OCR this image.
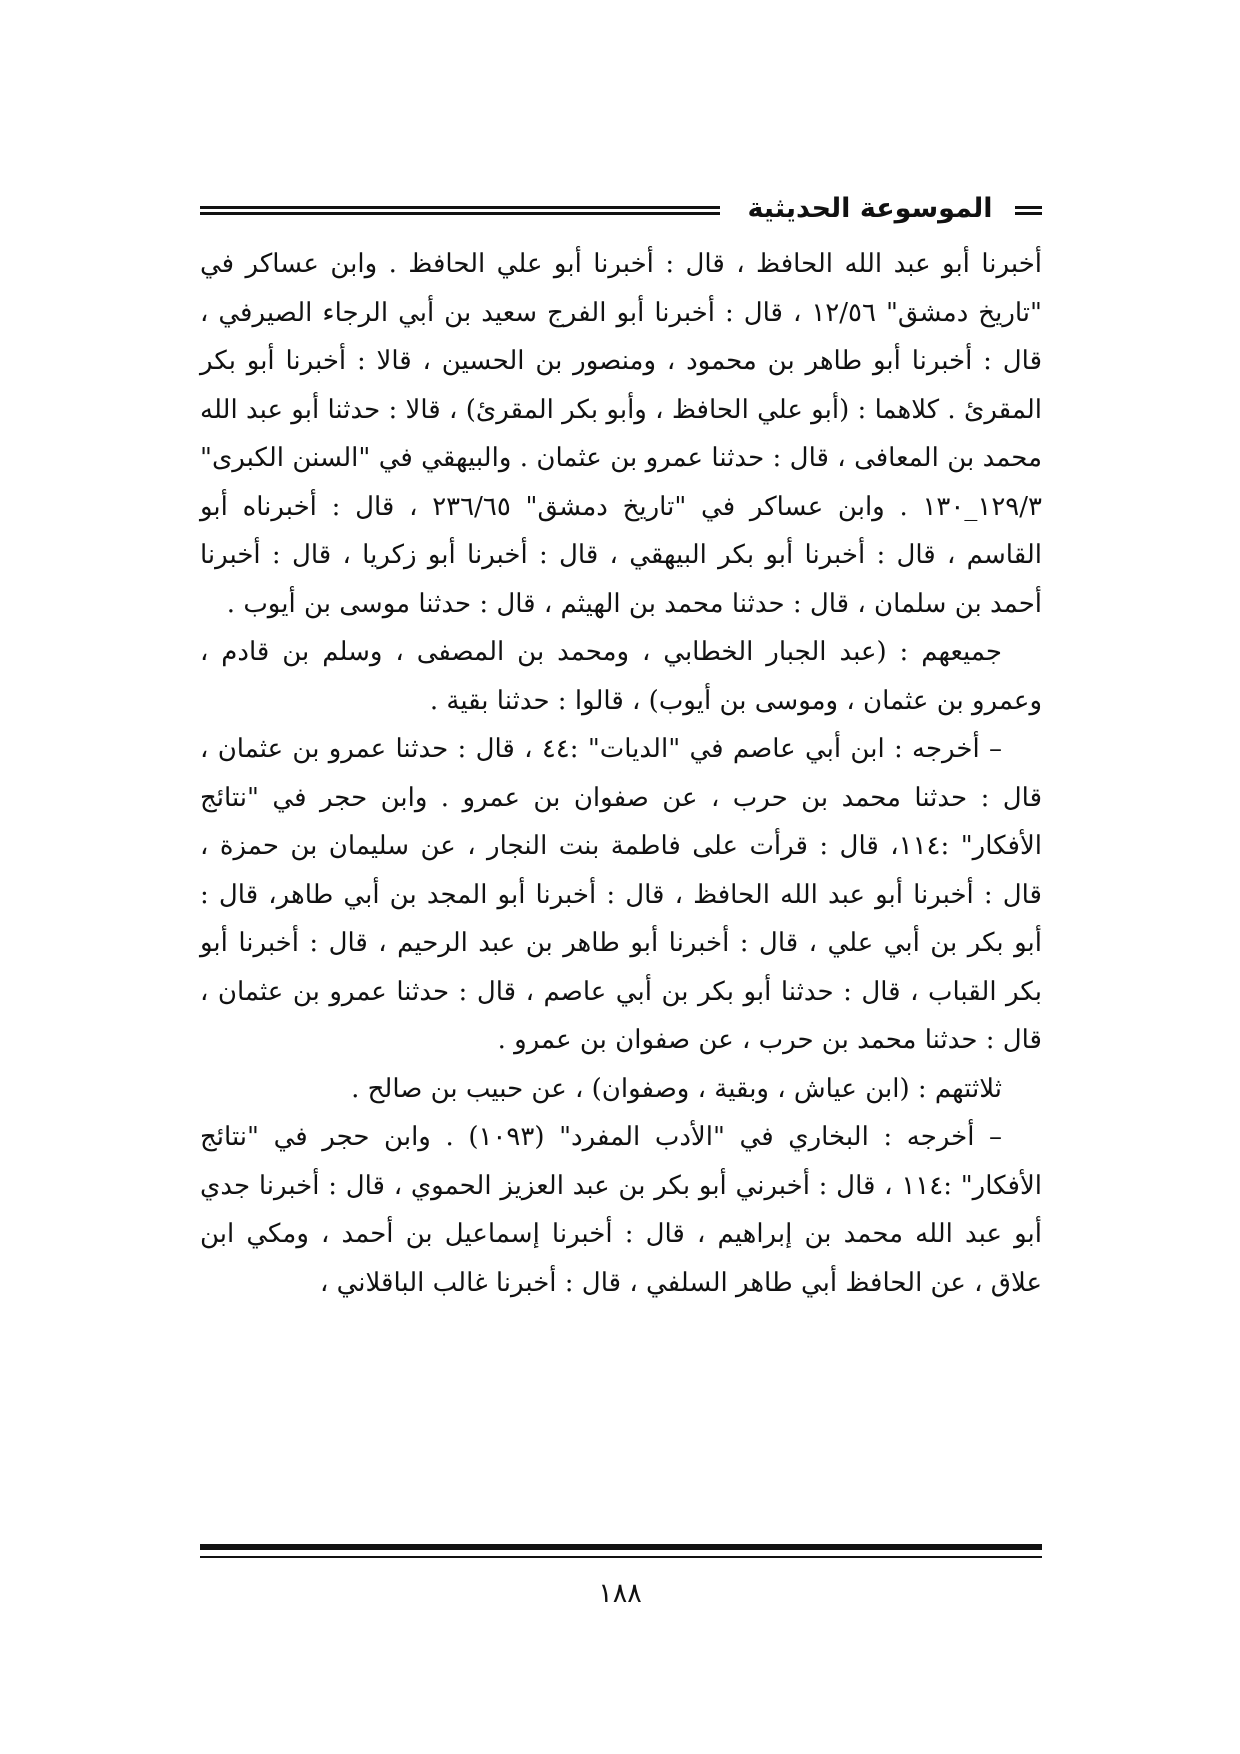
الموسوعة الحديثية

أخبرنا أبو عبد الله الحافظ ، قال : أخبرنا أبو علي الحافظ . وابن عساكر في "تاريخ دمشق" ١٢/٥٦ ، قال : أخبرنا أبو الفرج سعيد بن أبي الرجاء الصيرفي ، قال : أخبرنا أبو طاهر بن محمود ، ومنصور بن الحسين ، قالا : أخبرنا أبو بكر المقرئ . كلاهما : (أبو علي الحافظ ، وأبو بكر المقرئ) ، قالا : حدثنا أبو عبد الله محمد بن المعافى ، قال : حدثنا عمرو بن عثمان . والبيهقي في "السنن الكبرى" ١٢٩/٣_١٣٠ . وابن عساكر في "تاريخ دمشق" ٢٣٦/٦٥ ، قال : أخبرناه أبو القاسم ، قال : أخبرنا أبو بكر البيهقي ، قال : أخبرنا أبو زكريا ، قال : أخبرنا أحمد بن سلمان ، قال : حدثنا محمد بن الهيثم ، قال : حدثنا موسى بن أيوب .

جميعهم : (عبد الجبار الخطابي ، ومحمد بن المصفى ، وسلم بن قادم ، وعمرو بن عثمان ، وموسى بن أيوب) ، قالوا : حدثنا بقية .

– أخرجه : ابن أبي عاصم في "الديات" :٤٤ ، قال : حدثنا عمرو بن عثمان ، قال : حدثنا محمد بن حرب ، عن صفوان بن عمرو . وابن حجر في "نتائج الأفكار" :١١٤، قال : قرأت على فاطمة بنت النجار ، عن سليمان بن حمزة ، قال : أخبرنا أبو عبد الله الحافظ ، قال : أخبرنا أبو المجد بن أبي طاهر، قال : أبو بكر بن أبي علي ، قال : أخبرنا أبو طاهر بن عبد الرحيم ، قال : أخبرنا أبو بكر القباب ، قال : حدثنا أبو بكر بن أبي عاصم ، قال : حدثنا عمرو بن عثمان ، قال : حدثنا محمد بن حرب ، عن صفوان بن عمرو .

ثلاثتهم : (ابن عياش ، وبقية ، وصفوان) ، عن حبيب بن صالح .

– أخرجه : البخاري في "الأدب المفرد" (١٠٩٣) . وابن حجر في "نتائج الأفكار" :١١٤ ، قال : أخبرني أبو بكر بن عبد العزيز الحموي ، قال : أخبرنا جدي أبو عبد الله محمد بن إبراهيم ، قال : أخبرنا إسماعيل بن أحمد ، ومكي ابن علاق ، عن الحافظ أبي طاهر السلفي ، قال : أخبرنا غالب الباقلاني ،

١٨٨
